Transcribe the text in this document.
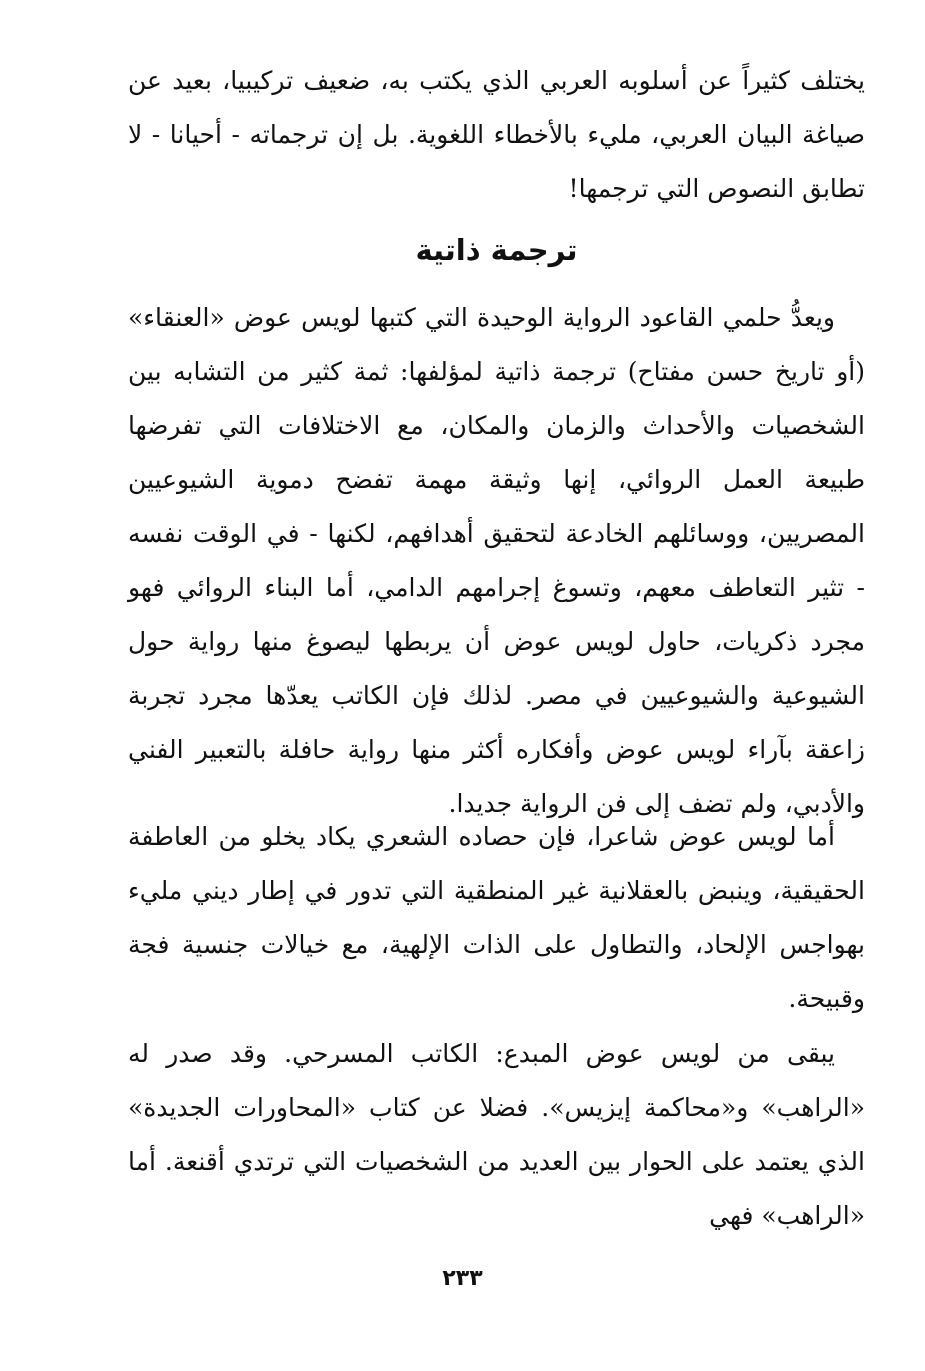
يختلف كثيراً عن أسلوبه العربي الذي يكتب به، ضعيف تركيبيا، بعيد عن صياغة البيان العربي، مليء بالأخطاء اللغوية. بل إن ترجماته - أحيانا - لا تطابق النصوص التي ترجمها!

ترجمة ذاتية

ويعدُّ حلمي القاعود الرواية الوحيدة التي كتبها لويس عوض «العنقاء» (أو تاريخ حسن مفتاح) ترجمة ذاتية لمؤلفها: ثمة كثير من التشابه بين الشخصيات والأحداث والزمان والمكان، مع الاختلافات التي تفرضها طبيعة العمل الروائي، إنها وثيقة مهمة تفضح دموية الشيوعيين المصريين، ووسائلهم الخادعة لتحقيق أهدافهم، لكنها - في الوقت نفسه - تثير التعاطف معهم، وتسوغ إجرامهم الدامي، أما البناء الروائي فهو مجرد ذكريات، حاول لويس عوض أن يربطها ليصوغ منها رواية حول الشيوعية والشيوعيين في مصر. لذلك فإن الكاتب يعدّها مجرد تجربة زاعقة بآراء لويس عوض وأفكاره أكثر منها رواية حافلة بالتعبير الفني والأدبي، ولم تضف إلى فن الرواية جديدا.

أما لويس عوض شاعرا، فإن حصاده الشعري يكاد يخلو من العاطفة الحقيقية، وينبض بالعقلانية غير المنطقية التي تدور في إطار ديني مليء بهواجس الإلحاد، والتطاول على الذات الإلهية، مع خيالات جنسية فجة وقبيحة.

يبقى من لويس عوض المبدع: الكاتب المسرحي. وقد صدر له «الراهب» و«محاكمة إيزيس». فضلا عن كتاب «المحاورات الجديدة» الذي يعتمد على الحوار بين العديد من الشخصيات التي ترتدي أقنعة. أما «الراهب» فهي

٢٣٣
